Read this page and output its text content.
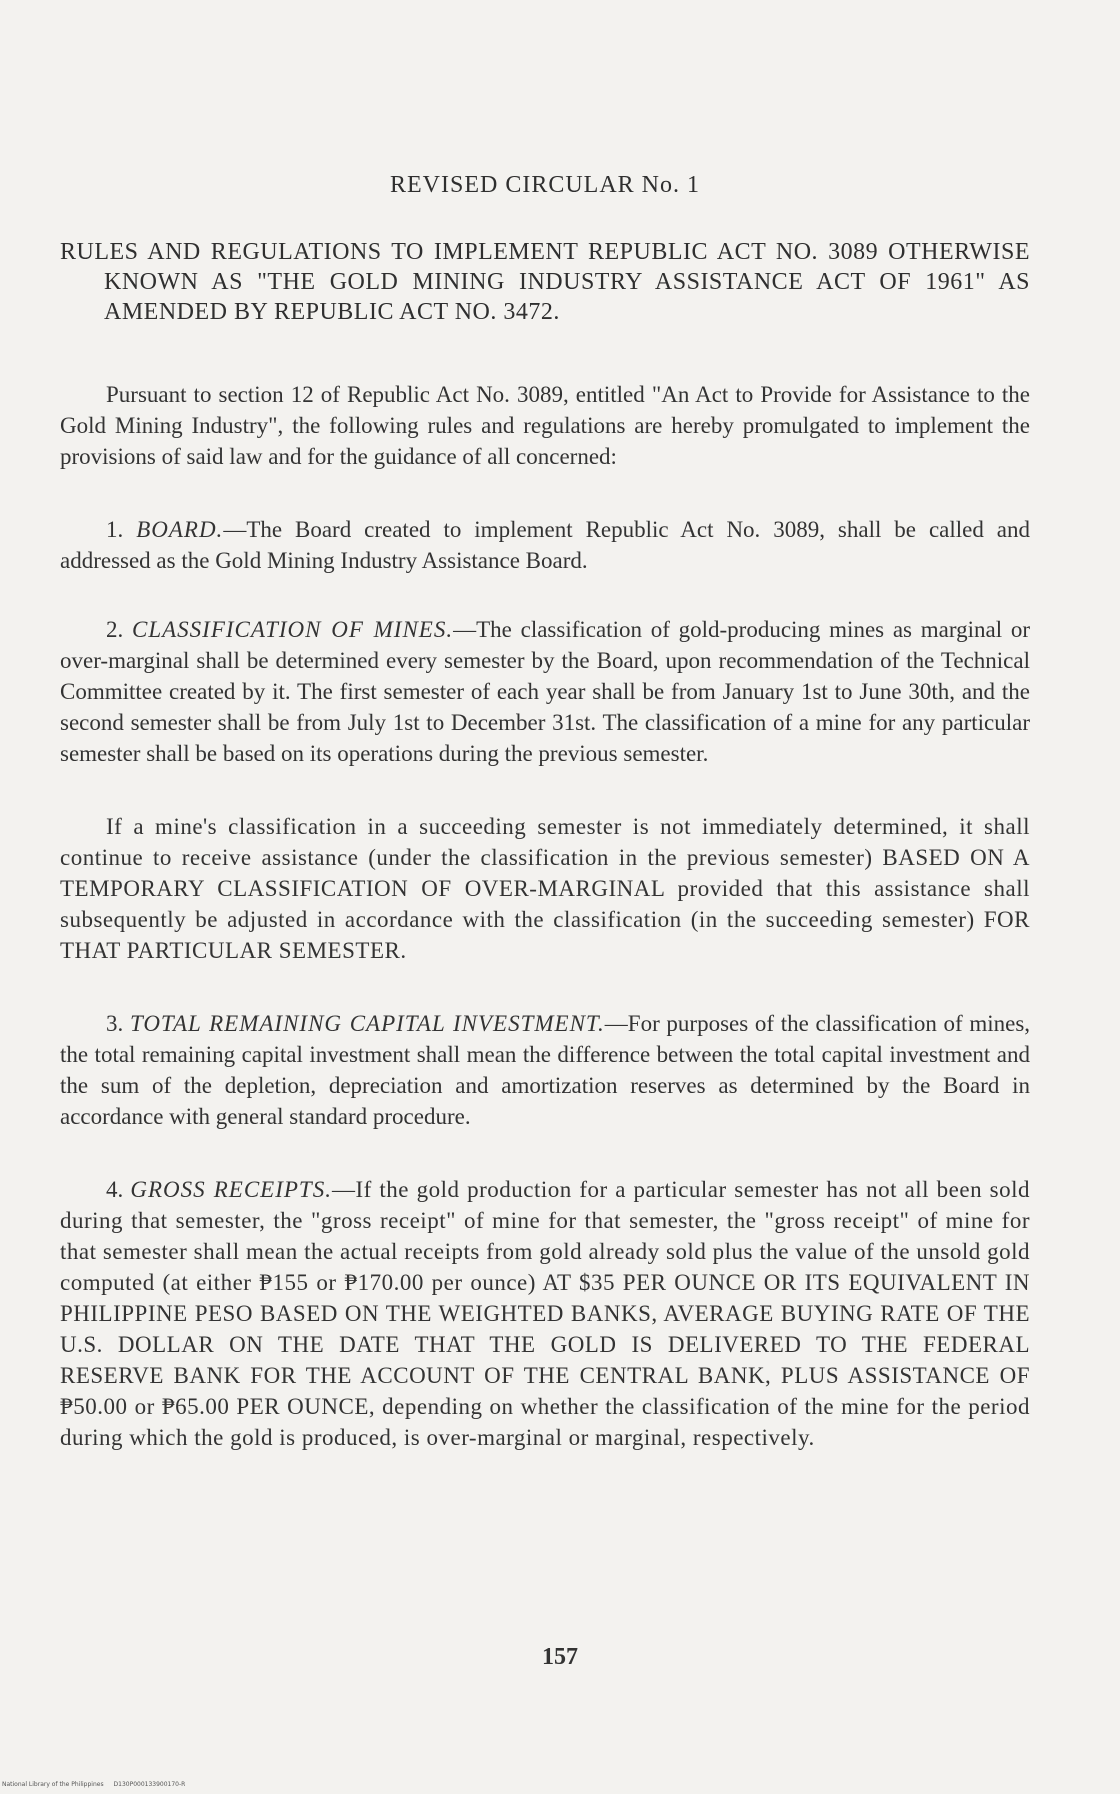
REVISED CIRCULAR No. 1
RULES AND REGULATIONS TO IMPLEMENT REPUBLIC ACT NO. 3089 OTHERWISE KNOWN AS "THE GOLD MINING INDUSTRY ASSISTANCE ACT OF 1961" AS AMENDED BY REPUBLIC ACT NO. 3472.

Pursuant to section 12 of Republic Act No. 3089, entitled "An Act to Provide for Assistance to the Gold Mining Industry", the following rules and regulations are hereby promulgated to implement the provisions of said law and for the guidance of all concerned:

1. BOARD.—The Board created to implement Republic Act No. 3089, shall be called and addressed as the Gold Mining Industry Assistance Board.

2. CLASSIFICATION OF MINES.—The classification of gold-producing mines as marginal or over-marginal shall be determined every semester by the Board, upon recommendation of the Technical Committee created by it. The first semester of each year shall be from January 1st to June 30th, and the second semester shall be from July 1st to December 31st. The classification of a mine for any particular semester shall be based on its operations during the previous semester.

If a mine's classification in a succeeding semester is not immediately determined, it shall continue to receive assistance (under the classification in the previous semester) BASED ON A TEMPORARY CLASSIFICATION OF OVER-MARGINAL provided that this assistance shall subsequently be adjusted in accordance with the classification (in the succeeding semester) FOR THAT PARTICULAR SEMESTER.

3. TOTAL REMAINING CAPITAL INVESTMENT.—For purposes of the classification of mines, the total remaining capital investment shall mean the difference between the total capital investment and the sum of the depletion, depreciation and amortization reserves as determined by the Board in accordance with general standard procedure.

4. GROSS RECEIPTS.—If the gold production for a particular semester has not all been sold during that semester, the "gross receipt" of mine for that semester, the "gross receipt" of mine for that semester shall mean the actual receipts from gold already sold plus the value of the unsold gold computed (at either ₱155 or ₱170.00 per ounce) AT $35 PER OUNCE OR ITS EQUIVALENT IN PHILIPPINE PESO BASED ON THE WEIGHTED BANKS, AVERAGE BUYING RATE OF THE U.S. DOLLAR ON THE DATE THAT THE GOLD IS DELIVERED TO THE FEDERAL RESERVE BANK FOR THE ACCOUNT OF THE CENTRAL BANK, PLUS ASSISTANCE OF ₱50.00 or ₱65.00 PER OUNCE, depending on whether the classification of the mine for the period during which the gold is produced, is over-marginal or marginal, respectively.

157
National Library of the Philippines D130P000133900170-R
